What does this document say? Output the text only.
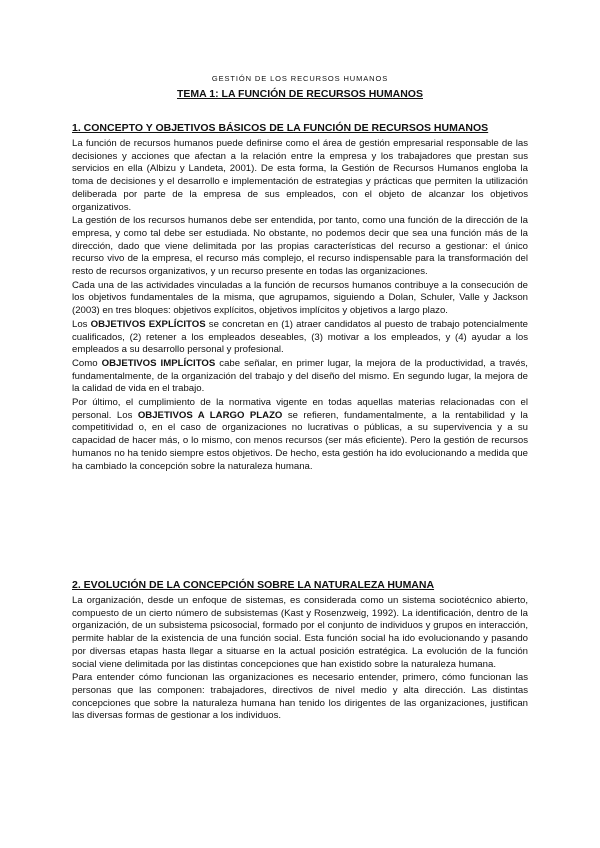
GESTIÓN DE LOS RECURSOS HUMANOS
TEMA 1: LA FUNCIÓN DE RECURSOS HUMANOS
1. CONCEPTO Y OBJETIVOS BÁSICOS DE LA FUNCIÓN DE RECURSOS HUMANOS

La función de recursos humanos puede definirse como el área de gestión empresarial responsable de las decisiones y acciones que afectan a la relación entre la empresa y los trabajadores que prestan sus servicios en ella (Albizu y Landeta, 2001). De esta forma, la Gestión de Recursos Humanos engloba la toma de decisiones y el desarrollo e implementación de estrategias y prácticas que permiten la utilización deliberada por parte de la empresa de sus empleados, con el objeto de alcanzar los objetivos organizativos.

La gestión de los recursos humanos debe ser entendida, por tanto, como una función de la dirección de la empresa, y como tal debe ser estudiada. No obstante, no podemos decir que sea una función más de la dirección, dado que viene delimitada por las propias características del recurso a gestionar: el único recurso vivo de la empresa, el recurso más complejo, el recurso indispensable para la transformación del resto de recursos organizativos, y un recurso presente en todas las organizaciones.

Cada una de las actividades vinculadas a la función de recursos humanos contribuye a la consecución de los objetivos fundamentales de la misma, que agrupamos, siguiendo a Dolan, Schuler, Valle y Jackson (2003) en tres bloques: objetivos explícitos, objetivos implícitos y objetivos a largo plazo.

Los OBJETIVOS EXPLÍCITOS se concretan en (1) atraer candidatos al puesto de trabajo potencialmente cualificados, (2) retener a los empleados deseables, (3) motivar a los empleados, y (4) ayudar a los empleados a su desarrollo personal y profesional.

Como OBJETIVOS IMPLÍCITOS cabe señalar, en primer lugar, la mejora de la productividad, a través, fundamentalmente, de la organización del trabajo y del diseño del mismo. En segundo lugar, la mejora de la calidad de vida en el trabajo.

Por último, el cumplimiento de la normativa vigente en todas aquellas materias relacionadas con el personal. Los OBJETIVOS A LARGO PLAZO se refieren, fundamentalmente, a la rentabilidad y la competitividad o, en el caso de organizaciones no lucrativas o públicas, a su supervivencia y a su capacidad de hacer más, o lo mismo, con menos recursos (ser más eficiente). Pero la gestión de recursos humanos no ha tenido siempre estos objetivos. De hecho, esta gestión ha ido evolucionando a medida que ha cambiado la concepción sobre la naturaleza humana.

2. EVOLUCIÓN DE LA CONCEPCIÓN SOBRE LA NATURALEZA HUMANA

La organización, desde un enfoque de sistemas, es considerada como un sistema sociotécnico abierto, compuesto de un cierto número de subsistemas (Kast y Rosenzweig, 1992). La identificación, dentro de la organización, de un subsistema psicosocial, formado por el conjunto de individuos y grupos en interacción, permite hablar de la existencia de una función social. Esta función social ha ido evolucionando y pasando por diversas etapas hasta llegar a situarse en la actual posición estratégica. La evolución de la función social viene delimitada por las distintas concepciones que han existido sobre la naturaleza humana.

Para entender cómo funcionan las organizaciones es necesario entender, primero, cómo funcionan las personas que las componen: trabajadores, directivos de nivel medio y alta dirección. Las distintas concepciones que sobre la naturaleza humana han tenido los dirigentes de las organizaciones, justifican las diversas formas de gestionar a los individuos.
